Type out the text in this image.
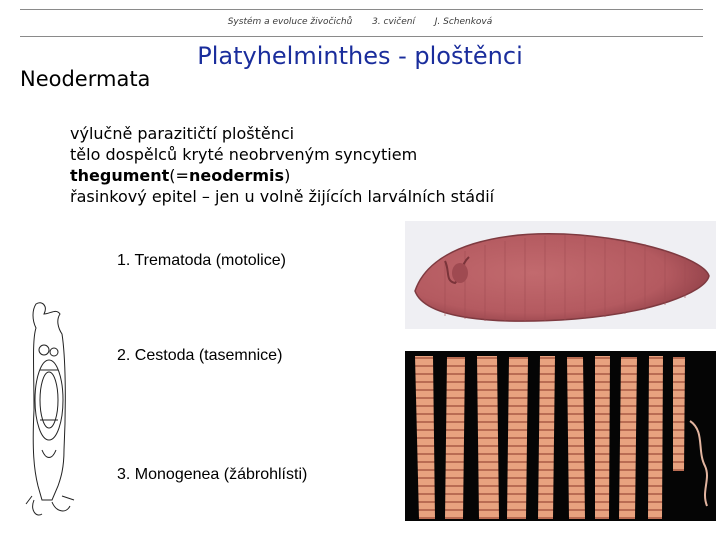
Systém a evoluce živočichů 3. cvičení J. Schenková
Platyhelminthes - ploštěnci
Neodermata
výlučně parazitičtí ploštěnci
tělo dospělců kryté neobrveným syncytiem
thegument(=neodermis)
řasinkový epitel – jen u volně žijících larválních stádií
1. Trematoda (motolice)
2. Cestoda (tasemnice)
3. Monogenea (žábrohlísti)
